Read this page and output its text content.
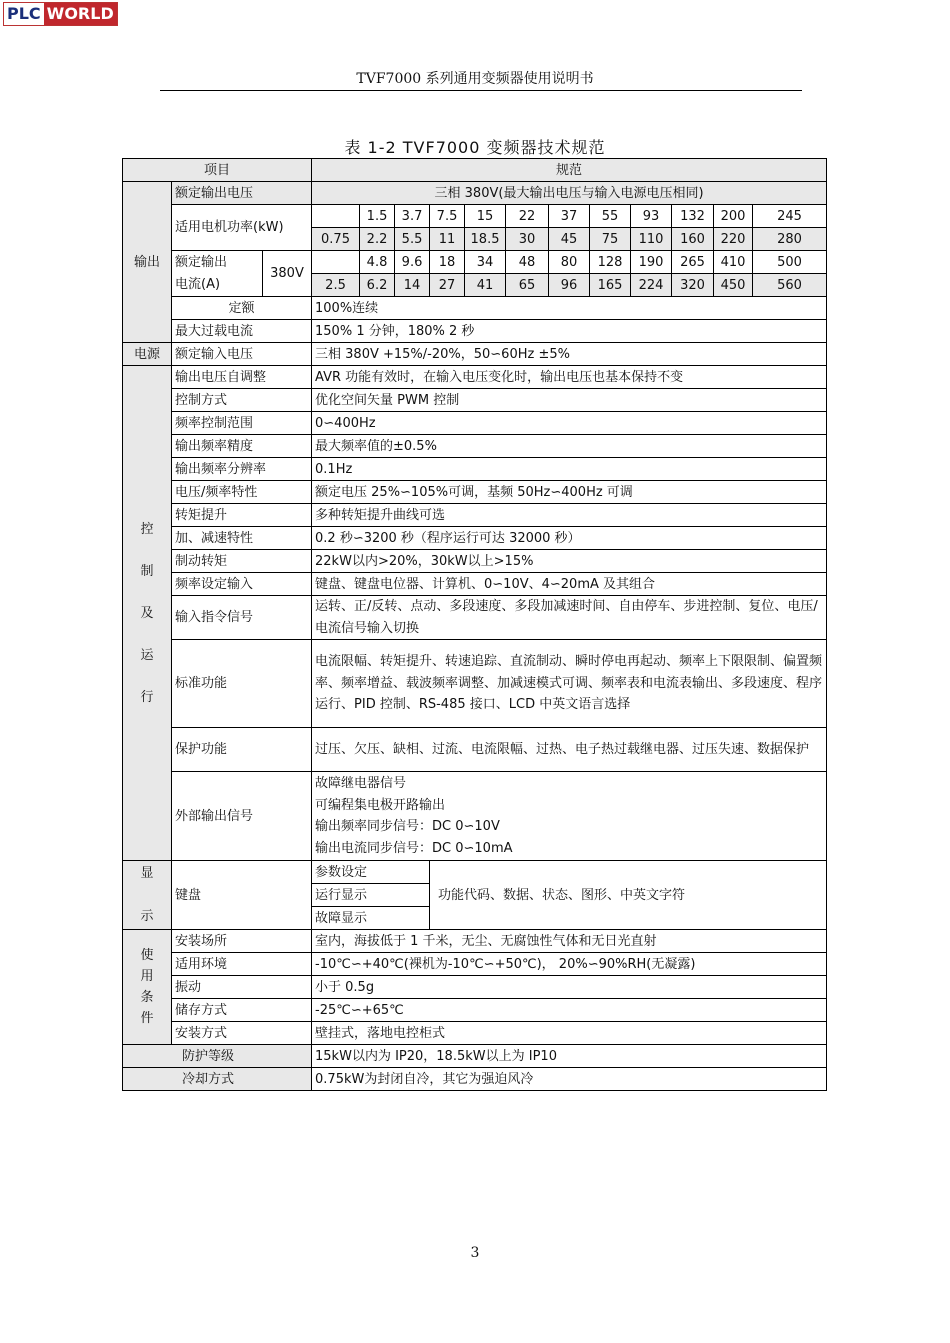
PLC WORLD
TVF7000 系列通用变频器使用说明书
表 1-2 TVF7000 变频器技术规范
项目			规范											
输出	额定输出电压		三相 380V(最大输出电压与输入电源电压相同)											
	适用电机功率(kW)			1.5	3.7	7.5	15	22	37	55	93	132	200	245
			0.75	2.2	5.5	11	18.5	30	45	75	110	160	220	280
	额定输出
电流(A)	380V		4.8	9.6	18	34	48	80	128	190	265	410	500
			2.5	6.2	14	27	41	65	96	165	224	320	450	560
	定额		100%连续											
	最大过载电流		150% 1 分钟，180% 2 秒											
电源	额定输入电压		三相 380V +15%/-20%，50∽60Hz ±5%											

控
制
及
运
行	输出电压自调整		AVR 功能有效时，在输入电压变化时，输出电压也基本保持不变											
	控制方式		优化空间矢量 PWM 控制											
	频率控制范围		0∽400Hz											
	输出频率精度		最大频率值的±0.5%											
	输出频率分辨率		0.1Hz											
	电压/频率特性		额定电压 25%∽105%可调，基频 50Hz∽400Hz 可调											
	转矩提升		多种转矩提升曲线可选											
	加、减速特性		0.2 秒∽3200 秒（程序运行可达 32000 秒）											
	制动转矩		22kW以内>20%，30kW以上>15%											
	频率设定输入		键盘、键盘电位器、计算机、0∽10V、4∽20mA 及其组合											
	输入指令信号		运转、正/反转、点动、多段速度、多段加减速时间、自由停车、步进控制、复位、电压/电流信号输入切换											
	标准功能		电流限幅、转矩提升、转速追踪、直流制动、瞬时停电再起动、频率上下限限制、偏置频率、频率增益、载波频率调整、加减速模式可调、频率表和电流表输出、多段速度、程序运行、PID 控制、RS-485 接口、LCD 中英文语言选择											
	保护功能		过压、欠压、缺相、过流、电流限幅、过热、电子热过载继电器、过压失速、数据保护											
	外部输出信号		故障继电器信号
可编程集电极开路输出
输出频率同步信号：DC 0∽10V
输出电流同步信号：DC 0∽10mA											

显
示	键盘		参数设定			功能代码、数据、状态、图形、中英文字符								
			运行显示											
			故障显示											

使
用
条
件	安装场所		室内，海拔低于 1 千米，无尘、无腐蚀性气体和无日光直射											
	适用环境		-10℃∽+40℃(裸机为-10℃∽+50℃)， 20%∽90%RH(无凝露)											
	振动		小于 0.5g											
	储存方式		-25℃∽+65℃											
	安装方式		壁挂式，落地电控柜式											
防护等级			15kW以内为 IP20，18.5kW以上为 IP10											
冷却方式			0.75kW为封闭自冷，其它为强迫风冷											
3
